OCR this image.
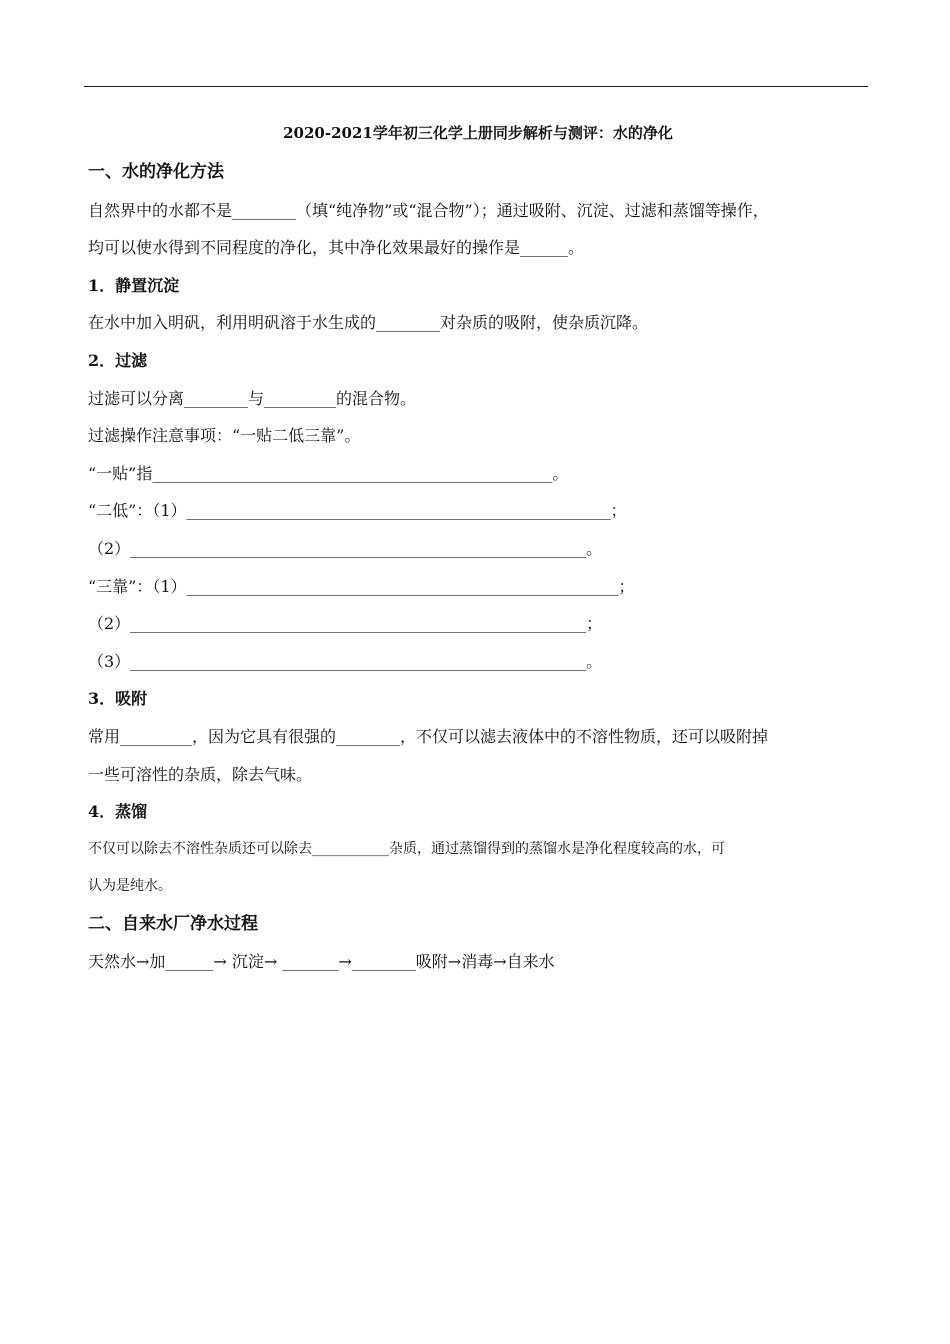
2020-2021学年初三化学上册同步解析与测评：水的净化
一、水的净化方法
自然界中的水都不是________（填“纯净物”或“混合物”）；通过吸附、沉淀、过滤和蒸馏等操作，
均可以使水得到不同程度的净化，其中净化效果最好的操作是______。
1．静置沉淀
在水中加入明矾，利用明矾溶于水生成的________对杂质的吸附，使杂质沉降。
2．过滤
过滤可以分离________与_________的混合物。
过滤操作注意事项：“一贴二低三靠”。
“一贴”指__________________________________________________。
“二低”：（1）_____________________________________________________；
（2）_________________________________________________________。
“三靠”：（1）______________________________________________________；
（2）_________________________________________________________；
（3）_________________________________________________________。
3．吸附
常用_________，因为它具有很强的________，不仅可以滤去液体中的不溶性物质，还可以吸附掉
一些可溶性的杂质，除去气味。
4．蒸馏
不仅可以除去不溶性杂质还可以除去___________杂质，通过蒸馏得到的蒸馏水是净化程度较高的水，可
认为是纯水。
二、自来水厂净水过程
天然水→加______→ 沉淀→ _______→________吸附→消毒→自来水
